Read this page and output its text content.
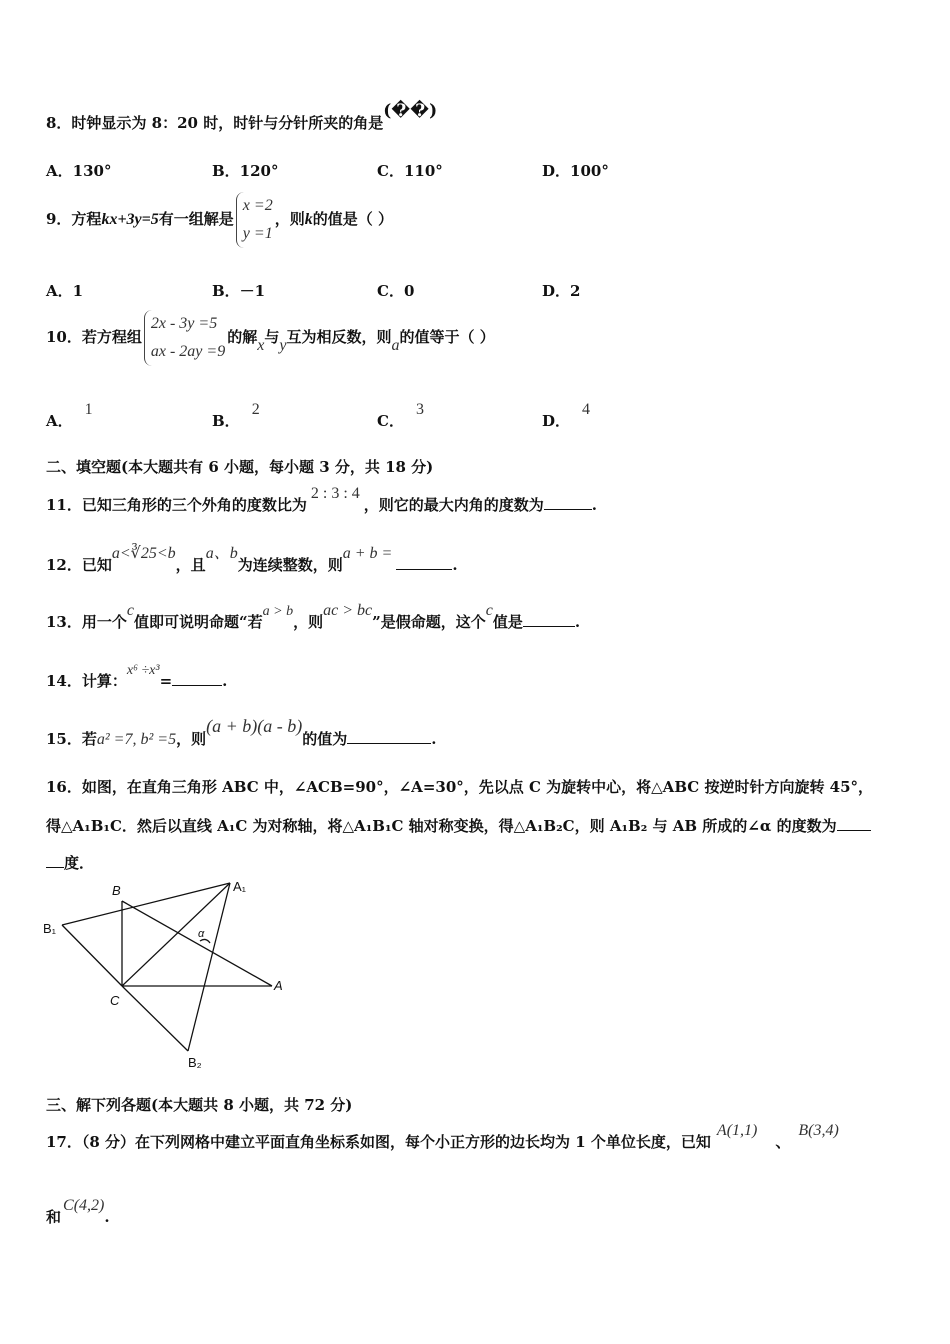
8．时钟显示为 8：20 时，时针与分针所夹的角是(��)
A．130°	B．120°	C．110°	D．100°
9．方程kx+3y=5有一组解是
x =2
y =1
，则k的值是（ ）
A．1	B．－1	C．0	D．2
10．若方程组
2x - 3y =5
ax - 2ay =9
的解x与y互为相反数，则a的值等于（ ）
A．1
B．2
C．3
D．4
二、填空题(本大题共有 6 小题，每小题 3 分，共 18 分)
11．已知三角形的三个外角的度数比为2 : 3 : 4，则它的最大内角的度数为	.
12．已知a<∛25<b，且a、b为连续整数，则a + b =.
13．用一个c值即可说明命题“若a > b，则ac > bc”是假命题，这个c值是	.
14．计算：x⁶ ÷x³=	.
15．若a² =7, b² =5，则(a + b)(a - b)的值为	.
16．如图，在直角三角形 ABC 中，∠ACB=90°，∠A=30°，先以点 C 为旋转中心，将△ABC 按逆时针方向旋转 45°，
得△A₁B₁C．然后以直线 A₁C 为对称轴，将△A₁B₁C 轴对称变换，得△A₁B₂C，则 A₁B₂ 与 AB 所成的∠α 的度数为
度．
B	A₁
B₁	α
C
A
B₂
三、解下列各题(本大题共 8 小题，共 72 分)
17．（8 分）在下列网格中建立平面直角坐标系如图，每个小正方形的边长均为 1 个单位长度，已知A(1,1)、B(3,4)
和C(4,2).
